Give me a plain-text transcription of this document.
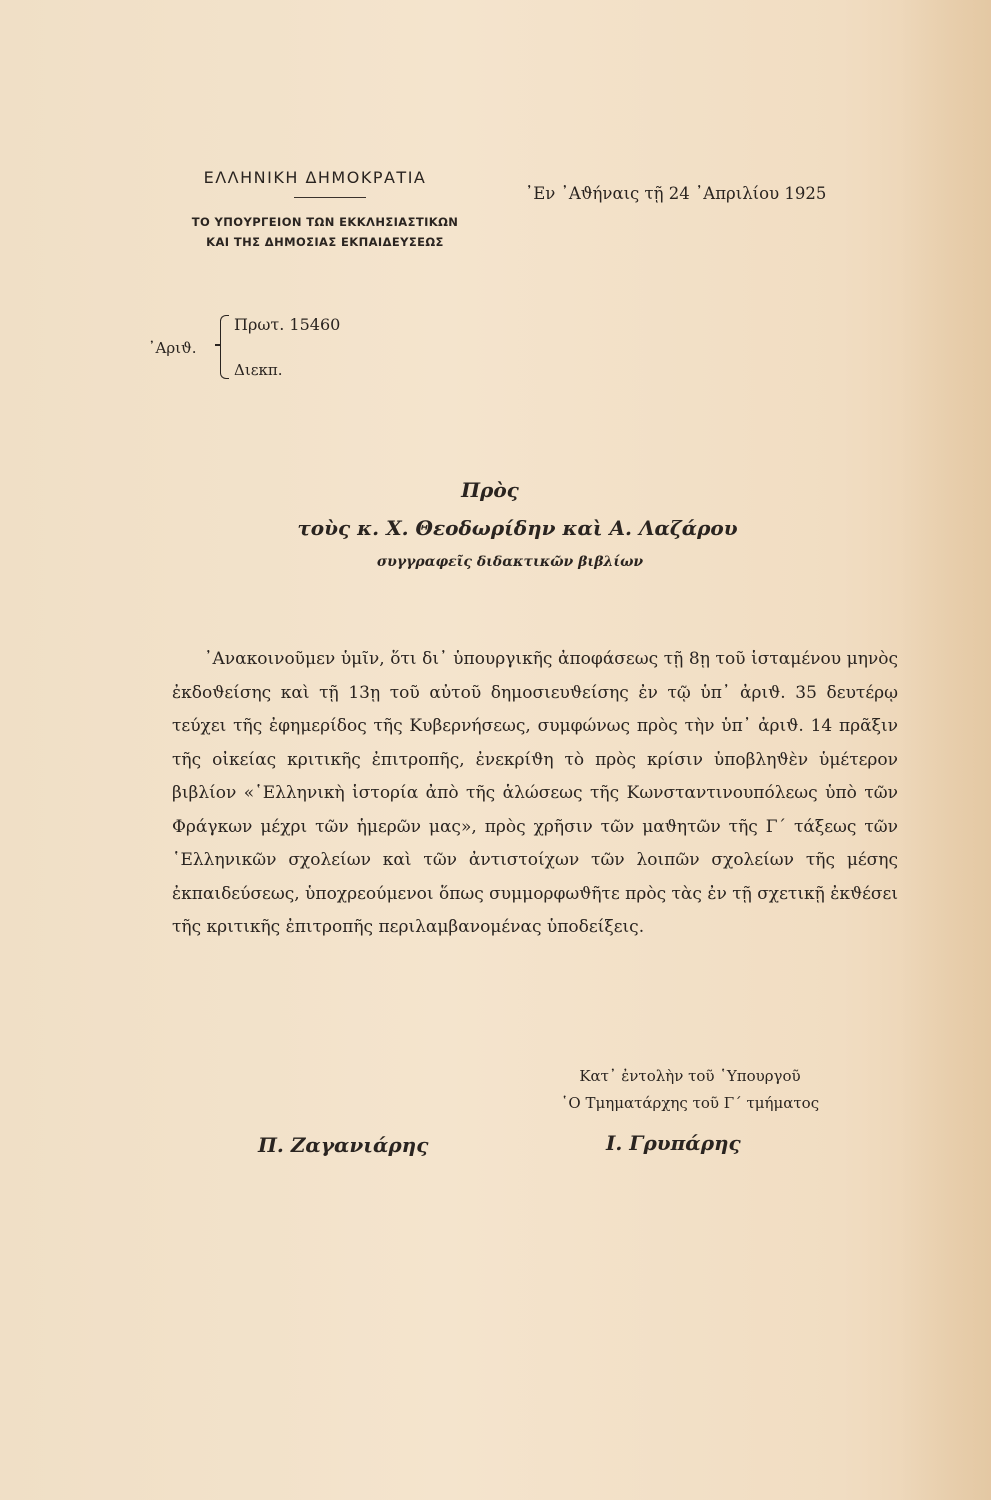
ΕΛΛΗΝΙΚΗ ΔΗΜΟΚΡΑΤΙΑ
ΤΟ ΥΠΟΥΡΓΕΙΟΝ ΤΩΝ ΕΚΚΛΗΣΙΑΣΤΙΚΩΝ
ΚΑΙ ΤΗΣ ΔΗΜΟΣΙΑΣ ΕΚΠΑΙΔΕΥΣΕΩΣ
᾽Εν ᾽Αϑήναις τῇ 24 ᾽Απριλίου 1925
᾽Αριϑ.
Πρωτ. 15460
Διεκπ.
Πρὸς
τοὺς κ. Χ. Θεοδωρίδην καὶ Α. Λαζάρου
συγγραφεῖς διδακτικῶν βιβλίων
᾽Ανακοινοῦμεν ὑμῖν, ὅτι δι᾽ ὑπουργικῆς ἀποφάσεως τῇ 8ῃ τοῦ ἱσταμένου μηνὸς ἐκδοϑείσης καὶ τῇ 13ῃ τοῦ αὐτοῦ δημοσιευϑείσης ἐν τῷ ὑπ᾽ ἀριϑ. 35 δευτέρῳ τεύχει τῆς ἐφημερίδος τῆς Κυβερνήσεως, συμφώνως πρὸς τὴν ὑπ᾽ ἀριϑ. 14 πρᾶξιν τῆς οἰκείας κριτικῆς ἐπιτροπῆς, ἐνεκρίϑη τὸ πρὸς κρίσιν ὑποβληϑὲν ὑμέτερον βιβλίον «῾Ελληνικὴ ἱστορία ἀπὸ τῆς ἁλώσεως τῆς Κωνσταντινουπόλεως ὑπὸ τῶν Φράγκων μέχρι τῶν ἡμερῶν μας», πρὸς χρῆσιν τῶν μαϑητῶν τῆς Γ´ τάξεως τῶν ῾Ελληνικῶν σχολείων καὶ τῶν ἀντιστοίχων τῶν λοιπῶν σχολείων τῆς μέσης ἐκπαιδεύσεως, ὑποχρεούμενοι ὅπως συμμορφωϑῆτε πρὸς τὰς ἐν τῇ σχετικῇ ἐκϑέσει τῆς κριτικῆς ἐπιτροπῆς περιλαμβανομένας ὑποδείξεις.
Κατ᾽ ἐντολὴν τοῦ ῾Υπουργοῦ
῾Ο Τμηματάρχης τοῦ Γ´ τμήματος
Π. Ζαγανιάρης	Ι. Γρυπάρης
